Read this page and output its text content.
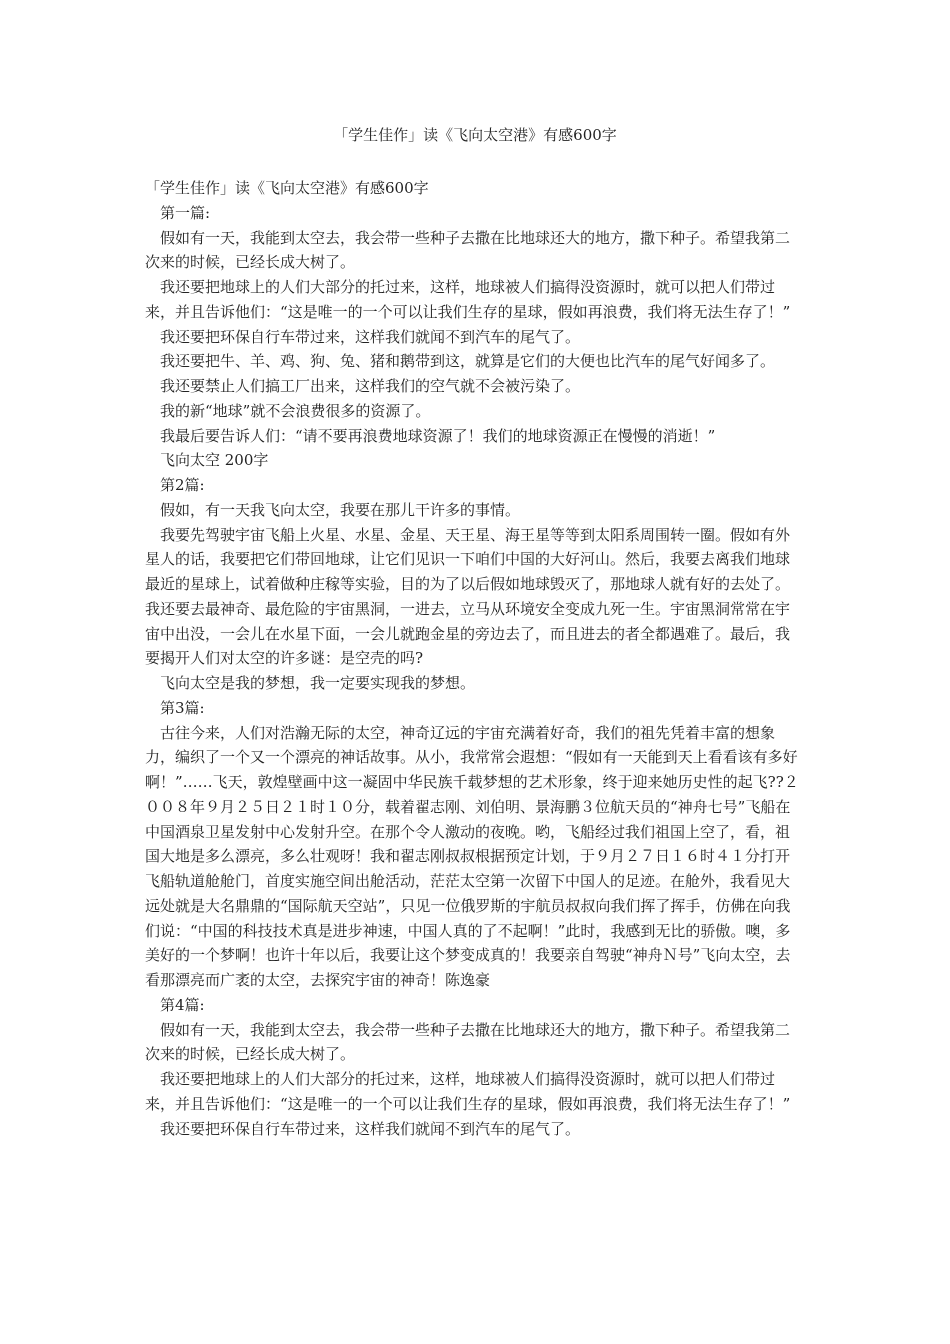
「学生佳作」读《飞向太空港》有感600字

「学生佳作」读《飞向太空港》有感600字

第一篇:

假如有一天，我能到太空去，我会带一些种子去撒在比地球还大的地方，撒下种子。希望我第二次来的时候，已经长成大树了。

我还要把地球上的人们大部分的托过来，这样，地球被人们搞得没资源时，就可以把人们带过来，并且告诉他们：“这是唯一的一个可以让我们生存的星球，假如再浪费，我们将无法生存了！”

我还要把环保自行车带过来，这样我们就闻不到汽车的尾气了。

我还要把牛、羊、鸡、狗、兔、猪和鹅带到这，就算是它们的大便也比汽车的尾气好闻多了。

我还要禁止人们搞工厂出来，这样我们的空气就不会被污染了。

我的新“地球”就不会浪费很多的资源了。

我最后要告诉人们：“请不要再浪费地球资源了！我们的地球资源正在慢慢的消逝！”

飞向太空 200字

第2篇:

假如，有一天我飞向太空，我要在那儿干许多的事情。

我要先驾驶宇宙飞船上火星、水星、金星、天王星、海王星等等到太阳系周围转一圈。假如有外星人的话，我要把它们带回地球，让它们见识一下咱们中国的大好河山。然后，我要去离我们地球最近的星球上，试着做种庄稼等实验，目的为了以后假如地球毁灭了，那地球人就有好的去处了。我还要去最神奇、最危险的宇宙黑洞，一进去，立马从环境安全变成九死一生。宇宙黑洞常常在宇宙中出没，一会儿在水星下面，一会儿就跑金星的旁边去了，而且进去的者全都遇难了。最后，我要揭开人们对太空的许多谜：是空壳的吗?

飞向太空是我的梦想，我一定要实现我的梦想。

第3篇:

古往今来，人们对浩瀚无际的太空，神奇辽远的宇宙充满着好奇，我们的祖先凭着丰富的想象力，编织了一个又一个漂亮的神话故事。从小，我常常会遐想：“假如有一天能到天上看看该有多好啊！”……飞天，敦煌壁画中这一凝固中华民族千载梦想的艺术形象，终于迎来她历史性的起飞??２００８年９月２５日２１时１０分，载着翟志刚、刘伯明、景海鹏３位航天员的“神舟七号”飞船在中国酒泉卫星发射中心发射升空。在那个令人激动的夜晚。哟，飞船经过我们祖国上空了，看，祖国大地是多么漂亮，多么壮观呀！我和翟志刚叔叔根据预定计划，于９月２７日１６时４１分打开飞船轨道舱舱门，首度实施空间出舱活动，茫茫太空第一次留下中国人的足迹。在舱外，我看见大远处就是大名鼎鼎的“国际航天空站”，只见一位俄罗斯的宇航员叔叔向我们挥了挥手，仿佛在向我们说：“中国的科技技术真是进步神速，中国人真的了不起啊！”此时，我感到无比的骄傲。噢，多美好的一个梦啊！也许十年以后，我要让这个梦变成真的！我要亲自驾驶“神舟Ｎ号”飞向太空，去看那漂亮而广袤的太空，去探究宇宙的神奇！陈逸豪

第4篇:

假如有一天，我能到太空去，我会带一些种子去撒在比地球还大的地方，撒下种子。希望我第二次来的时候，已经长成大树了。

我还要把地球上的人们大部分的托过来，这样，地球被人们搞得没资源时，就可以把人们带过来，并且告诉他们：“这是唯一的一个可以让我们生存的星球，假如再浪费，我们将无法生存了！”

我还要把环保自行车带过来，这样我们就闻不到汽车的尾气了。
